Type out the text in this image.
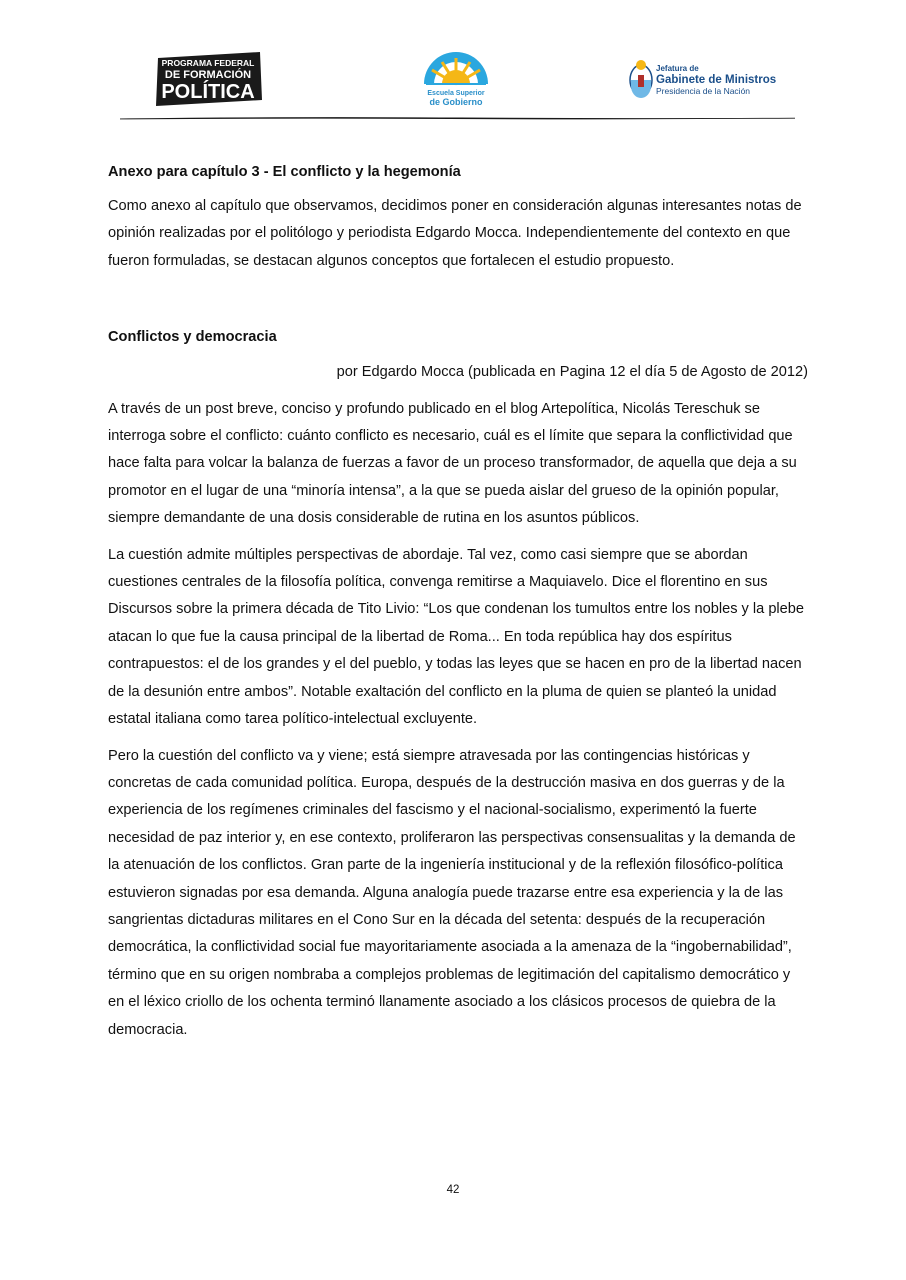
PROGRAMA FEDERAL
DE FORMACIÓN
POLÍTICA	Escuela Superior
de Gobierno
Jefatura de
Gabinete de Ministros
Presidencia de la Nación
Anexo para capítulo 3 - El conflicto y la hegemonía

Como anexo al capítulo que observamos, decidimos poner en consideración algunas interesantes notas de opinión realizadas por el politólogo y periodista Edgardo Mocca. Independientemente del contexto en que fueron formuladas, se destacan algunos conceptos que fortalecen el estudio propuesto.

Conflictos y democracia

por Edgardo Mocca (publicada en Pagina 12 el día 5 de Agosto de 2012)

A través de un post breve, conciso y profundo publicado en el blog Artepolítica, Nicolás Tereschuk se interroga sobre el conflicto: cuánto conflicto es necesario, cuál es el límite que separa la conflictividad que hace falta para volcar la balanza de fuerzas a favor de un proceso transformador, de aquella que deja a su promotor en el lugar de una “minoría intensa”, a la que se pueda aislar del grueso de la opinión popular, siempre demandante de una dosis considerable de rutina en los asuntos públicos.

La cuestión admite múltiples perspectivas de abordaje. Tal vez, como casi siempre que se abordan cuestiones centrales de la filosofía política, convenga remitirse a Maquiavelo. Dice el florentino en sus Discursos sobre la primera década de Tito Livio: “Los que condenan los tumultos entre los nobles y la plebe atacan lo que fue la causa principal de la libertad de Roma... En toda república hay dos espíritus contrapuestos: el de los grandes y el del pueblo, y todas las leyes que se hacen en pro de la libertad nacen de la desunión entre ambos”. Notable exaltación del conflicto en la pluma de quien se planteó la unidad estatal italiana como tarea político-intelectual excluyente.

Pero la cuestión del conflicto va y viene; está siempre atravesada por las contingencias históricas y concretas de cada comunidad política. Europa, después de la destrucción masiva en dos guerras y de la experiencia de los regímenes criminales del fascismo y el nacional-socialismo, experimentó la fuerte necesidad de paz interior y, en ese contexto, proliferaron las perspectivas consensualitas y la demanda de la atenuación de los conflictos. Gran parte de la ingeniería institucional y de la reflexión filosófico-política estuvieron signadas por esa demanda. Alguna analogía puede trazarse entre esa experiencia y la de las sangrientas dictaduras militares en el Cono Sur en la década del setenta: después de la recuperación democrática, la conflictividad social fue mayoritariamente asociada a la amenaza de la “ingobernabilidad”, término que en su origen nombraba a complejos problemas de legitimación del capitalismo democrático y en el léxico criollo de los ochenta terminó llanamente asociado a los clásicos procesos de quiebra de la democracia.

42
